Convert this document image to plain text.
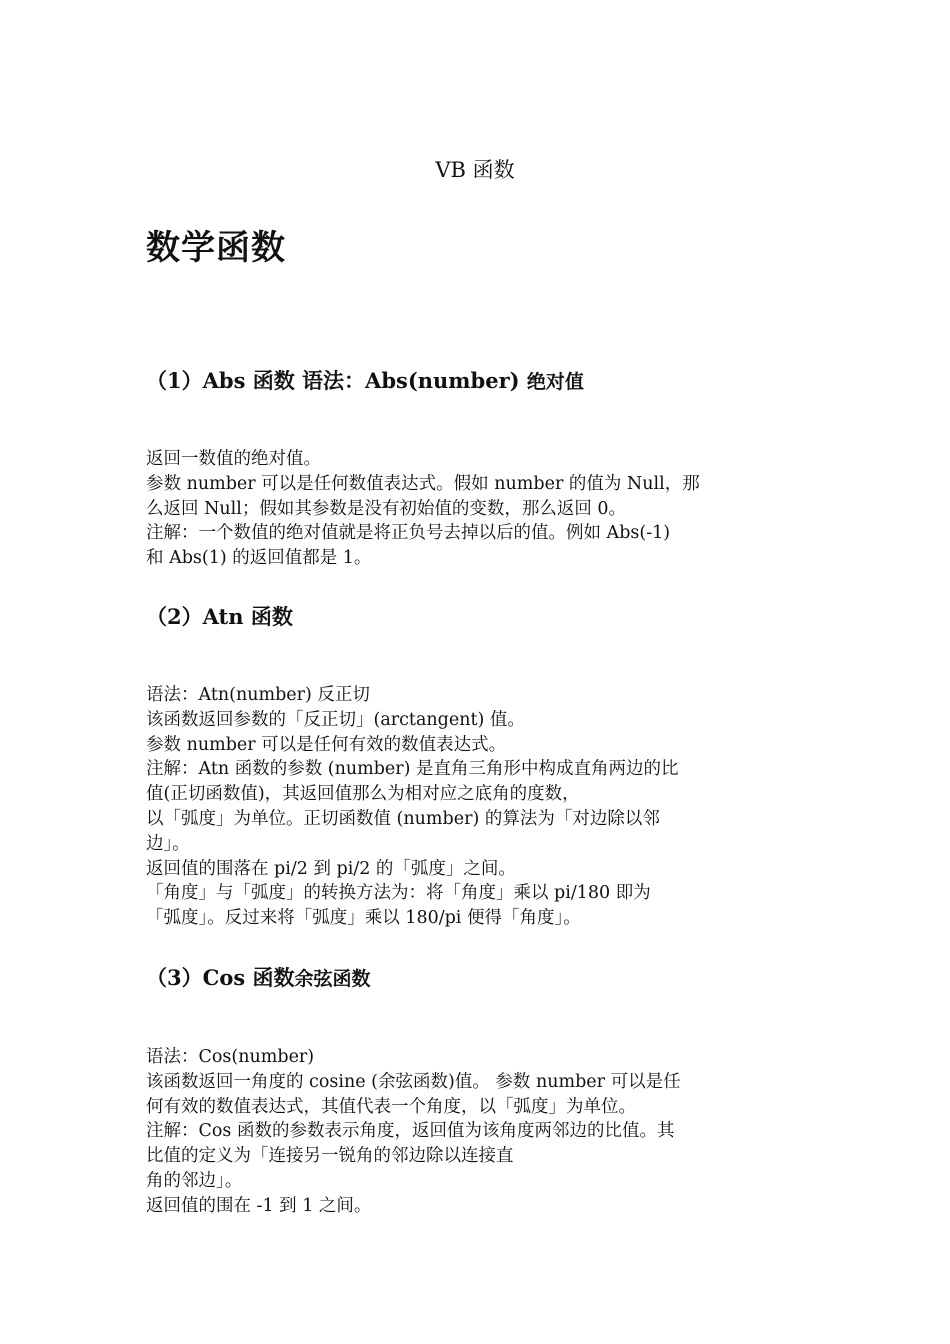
VB 函数
数学函数
（1）Abs 函数 语法：Abs(number) 绝对值

返回一数值的绝对值。

参数 number 可以是任何数值表达式。假如 number 的值为 Null，那

么返回 Null；假如其参数是没有初始值的变数，那么返回 0。

注解：一个数值的绝对值就是将正负号去掉以后的值。例如 Abs(-1)

和 Abs(1) 的返回值都是 1。

（2）Atn 函数

语法：Atn(number) 反正切

该函数返回参数的「反正切」(arctangent) 值。

参数 number 可以是任何有效的数值表达式。

注解：Atn 函数的参数 (number) 是直角三角形中构成直角两边的比

值(正切函数值)，其返回值那么为相对应之底角的度数，

以「弧度」为单位。正切函数值 (number) 的算法为「对边除以邻

边」。

返回值的围落在 pi/2 到 pi/2 的「弧度」之间。

「角度」与「弧度」的转换方法为：将「角度」乘以 pi/180 即为

「弧度」。反过来将「弧度」乘以 180/pi 便得「角度」。

（3）Cos 函数余弦函数

语法：Cos(number)

该函数返回一角度的 cosine (余弦函数)值。 参数 number 可以是任

何有效的数值表达式，其值代表一个角度，以「弧度」为单位。

注解：Cos 函数的参数表示角度，返回值为该角度两邻边的比值。其

比值的定义为「连接另一锐角的邻边除以连接直

角的邻边」。

返回值的围在 -1 到 1 之间。
